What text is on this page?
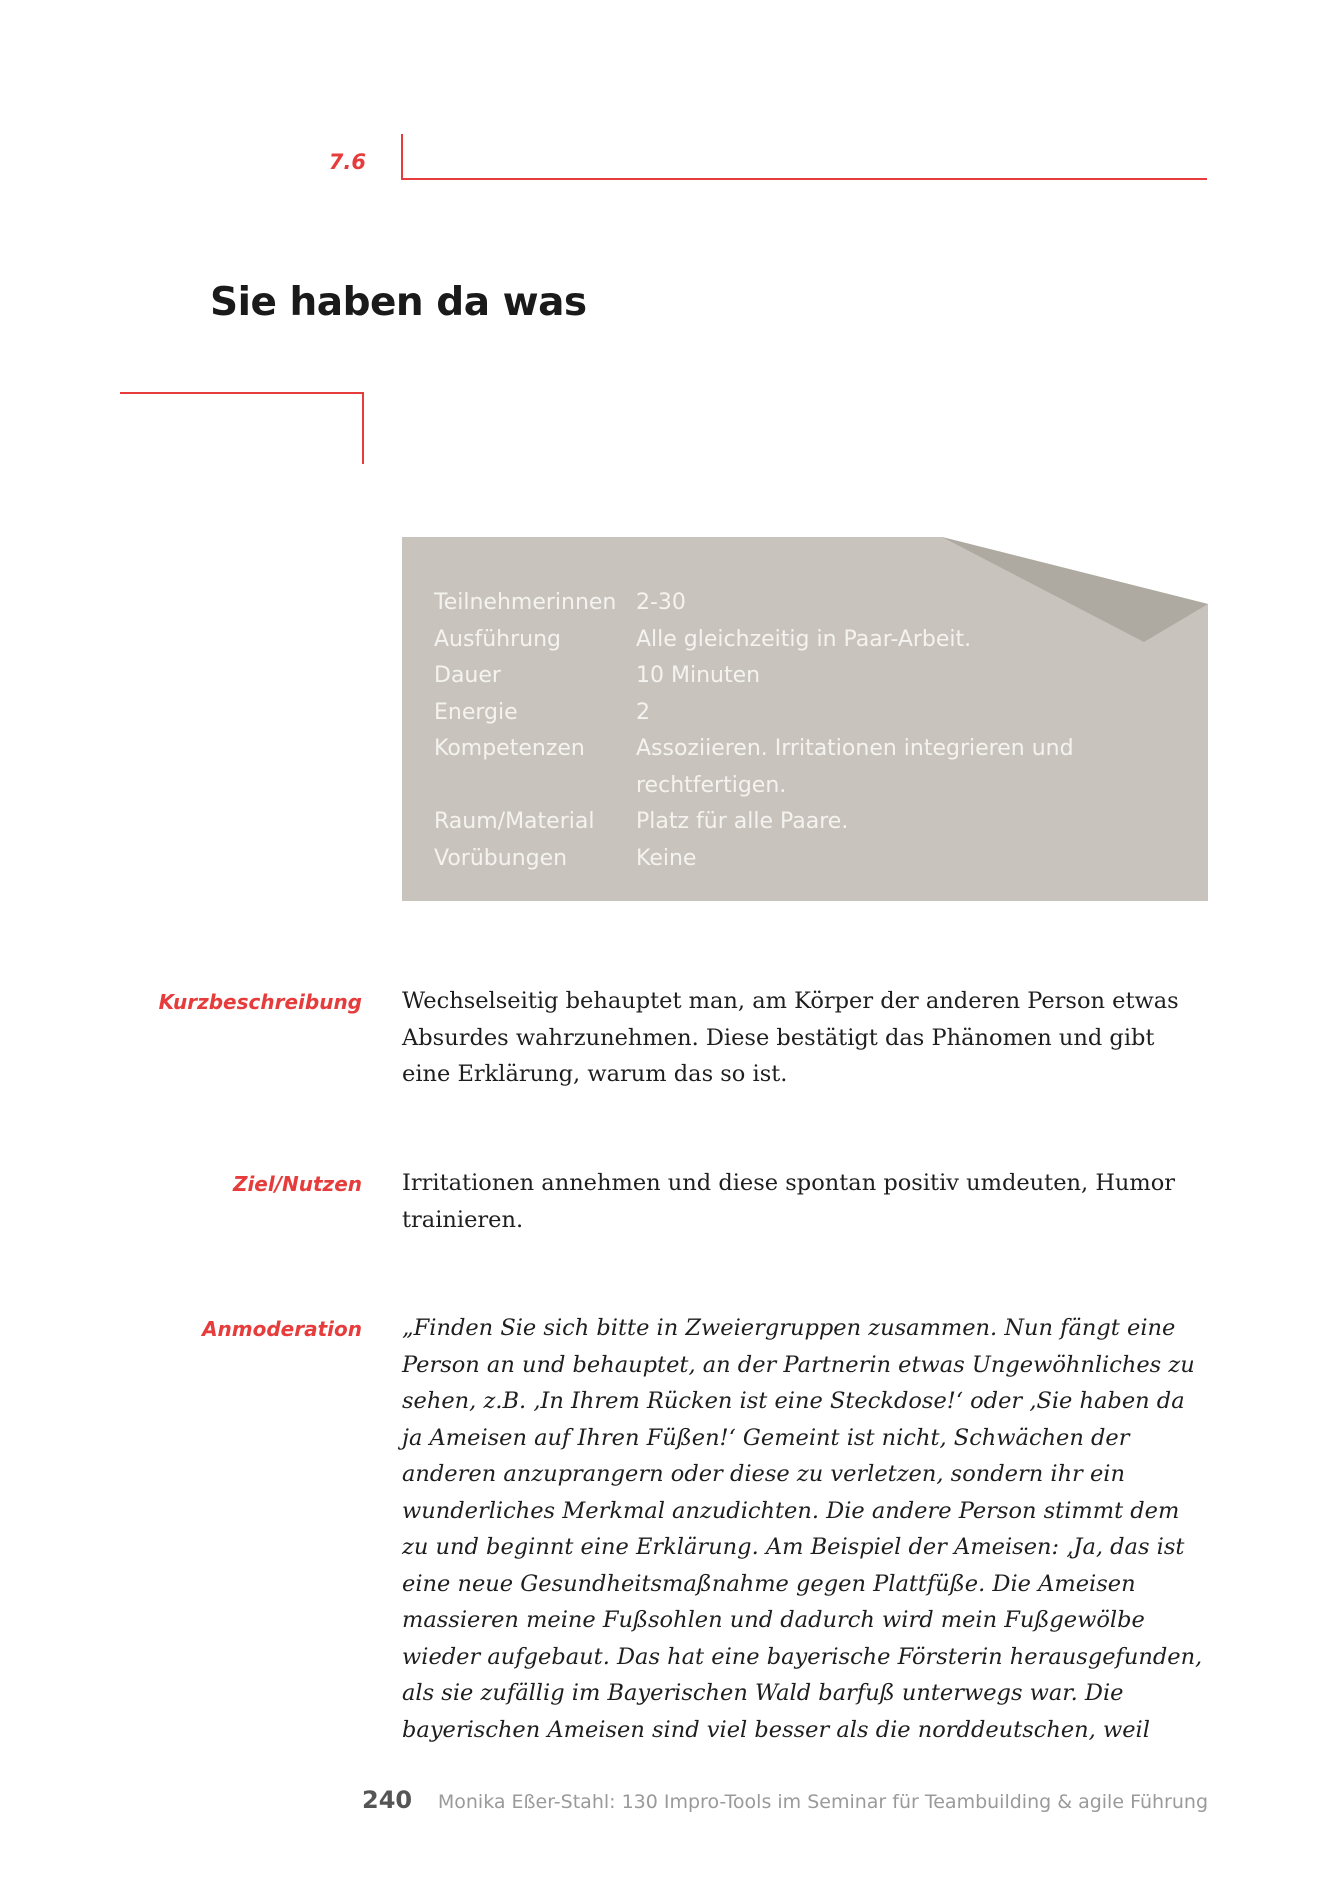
7.6
Sie haben da was
Teilnehmerinnen	2-30
Ausführung	Alle gleichzeitig in Paar-Arbeit.
Dauer	10 Minuten
Energie	2
Kompetenzen	Assoziieren. Irritationen integrieren und rechtfertigen.
Raum/Material	Platz für alle Paare.
Vorübungen	Keine
Kurzbeschreibung Wechselseitig behauptet man, am Körper der anderen Person etwas Absurdes wahrzunehmen. Diese bestätigt das Phänomen und gibt eine Erklärung, warum das so ist.

Ziel/Nutzen Irritationen annehmen und diese spontan positiv umdeuten, Humor trainieren.

Anmoderation „Finden Sie sich bitte in Zweiergruppen zusammen. Nun fängt eine Person an und behauptet, an der Partnerin etwas Ungewöhnliches zu sehen, z.B. ‚In Ihrem Rücken ist eine Steckdose!‘ oder ‚Sie haben da ja Ameisen auf Ihren Füßen!‘ Gemeint ist nicht, Schwächen der anderen anzuprangern oder diese zu verletzen, sondern ihr ein wunderliches Merkmal anzudichten. Die andere Person stimmt dem zu und beginnt eine Erklärung. Am Beispiel der Ameisen: ‚Ja, das ist eine neue Gesundheitsmaßnahme gegen Plattfüße. Die Ameisen massieren meine Fußsohlen und dadurch wird mein Fußgewölbe wieder aufgebaut. Das hat eine bayerische Försterin herausgefunden, als sie zufällig im Bayerischen Wald barfuß unterwegs war. Die bayerischen Ameisen sind viel besser als die norddeutschen, weil

240 Monika Eßer-Stahl: 130 Impro-Tools im Seminar für Teambuilding & agile Führung
